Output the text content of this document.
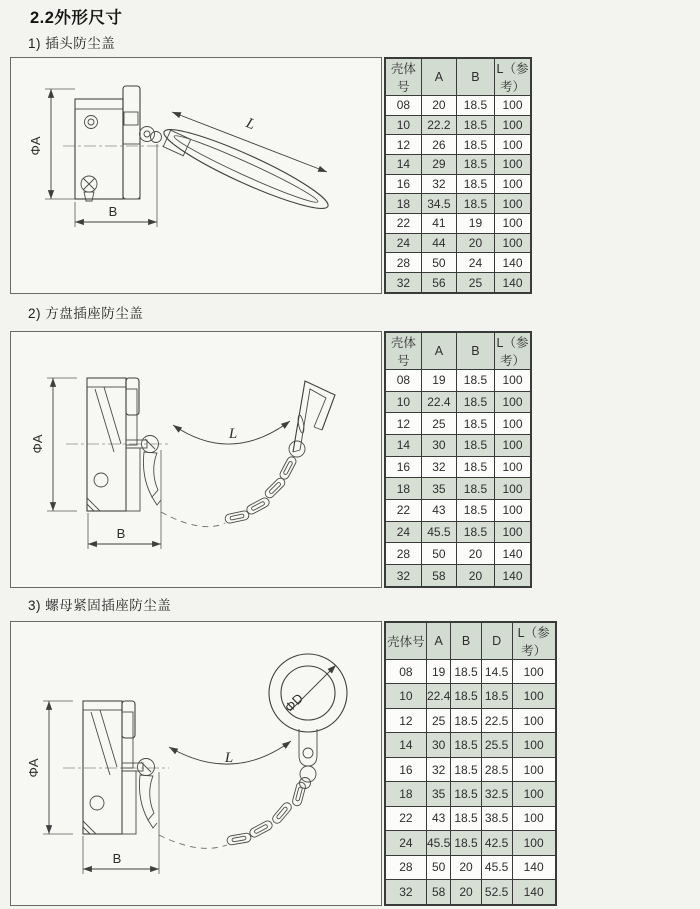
2.2外形尺寸
1) 插头防尘盖
ΦA
L
B
壳体号	A	B	L（参考）
08	20	18.5	100
10	22.2	18.5	100
12	26	18.5	100
14	29	18.5	100
16	32	18.5	100
18	34.5	18.5	100
22	41	19	100
24	44	20	100
28	50	24	140
32	56	25	140
2) 方盘插座防尘盖
ΦA
L
B
壳体号	A	B	L（参考）
08	19	18.5	100
10	22.4	18.5	100
12	25	18.5	100
14	30	18.5	100
16	32	18.5	100
18	35	18.5	100
22	43	18.5	100
24	45.5	18.5	100
28	50	20	140
32	58	20	140
3) 螺母紧固插座防尘盖
ΦD
ΦA
L
B
壳体号	A	B	D	L（参考）
08	19	18.5	14.5	100
10	22.4	18.5	18.5	100
12	25	18.5	22.5	100
14	30	18.5	25.5	100
16	32	18.5	28.5	100
18	35	18.5	32.5	100
22	43	18.5	38.5	100
24	45.5	18.5	42.5	100
28	50	20	45.5	140
32	58	20	52.5	140
